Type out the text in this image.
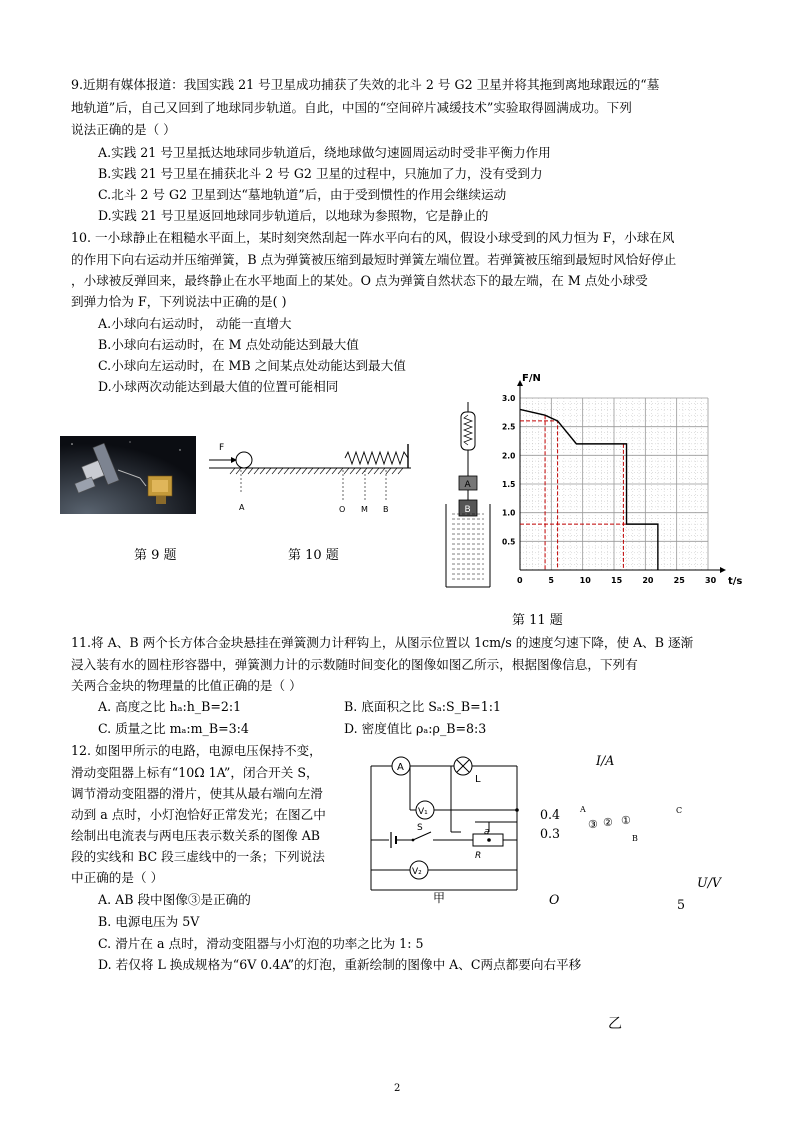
9.近期有媒体报道：我国实践 21 号卫星成功捕获了失效的北斗 2 号 G2 卫星并将其拖到离地球跟远的“墓
地轨道”后，自己又回到了地球同步轨道。自此，中国的“空间碎片减缓技术”实验取得圆满成功。下列
说法正确的是（ ）
A.实践 21 号卫星抵达地球同步轨道后，绕地球做匀速圆周运动时受非平衡力作用
B.实践 21 号卫星在捕获北斗 2 号 G2 卫星的过程中，只施加了力，没有受到力
C.北斗 2 号 G2 卫星到达“墓地轨道”后，由于受到惯性的作用会继续运动
D.实践 21 号卫星返回地球同步轨道后，以地球为参照物，它是静止的
10. 一小球静止在粗糙水平面上，某时刻突然刮起一阵水平向右的风，假设小球受到的风力恒为 F，小球在风
的作用下向右运动并压缩弹簧，B 点为弹簧被压缩到最短时弹簧左端位置。若弹簧被压缩到最短时风恰好停止
，小球被反弹回来，最终静止在水平地面上的某处。O 点为弹簧自然状态下的最左端，在 M 点处小球受
到弹力恰为 F，下列说法中正确的是( )
A.小球向右运动时， 动能一直增大
B.小球向右运动时，在 M 点处动能达到最大值
C.小球向左运动时，在 MB 之间某点处动能达到最大值
D.小球两次动能达到最大值的位置可能相同
F
A	O M B
第 9 题	第 10 题
A
B
F/N
t/s
0	5	10	15	20	25	30
0.5
1.0
1.5
2.0
2.5
3.0
第 11 题
11.将 A、B 两个长方体合金块悬挂在弹簧测力计秤钩上，从图示位置以 1cm/s 的速度匀速下降，使 A、B 逐渐
浸入装有水的圆柱形容器中，弹簧测力计的示数随时间变化的图像如图乙所示，根据图像信息，下列有
关两合金块的物理量的比值正确的是（ ）
A. 高度之比 hₐ:h_B=2:1	B. 底面积之比 Sₐ:S_B=1:1
C. 质量之比 mₐ:m_B=3:4	D. 密度值比 ρₐ:ρ_B=8:3
12. 如图甲所示的电路，电源电压保持不变，
滑动变阻器上标有“10Ω 1A”，闭合开关 S，
调节滑动变阻器的滑片，使其从最右端向左滑
动到 a 点时，小灯泡恰好正常发光；在图乙中
绘制出电流表与两电压表示数关系的图像 AB
段的实线和 BC 段三虚线中的一条；下列说法
中正确的是（ ）
A. AB 段中图像③是正确的
B. 电源电压为 5V
C. 滑片在 a 点时，滑动变阻器与小灯泡的功率之比为 1: 5
D. 若仅将 L 换成规格为“6V 0.4A”的灯泡，重新绘制的图像中 A、C两点都要向右平移
A
L
V₁
S	a
R
V₂
甲
I/A
0.4
0.3
C
A
③ ② ①
B
O
U/V
5
乙
2
